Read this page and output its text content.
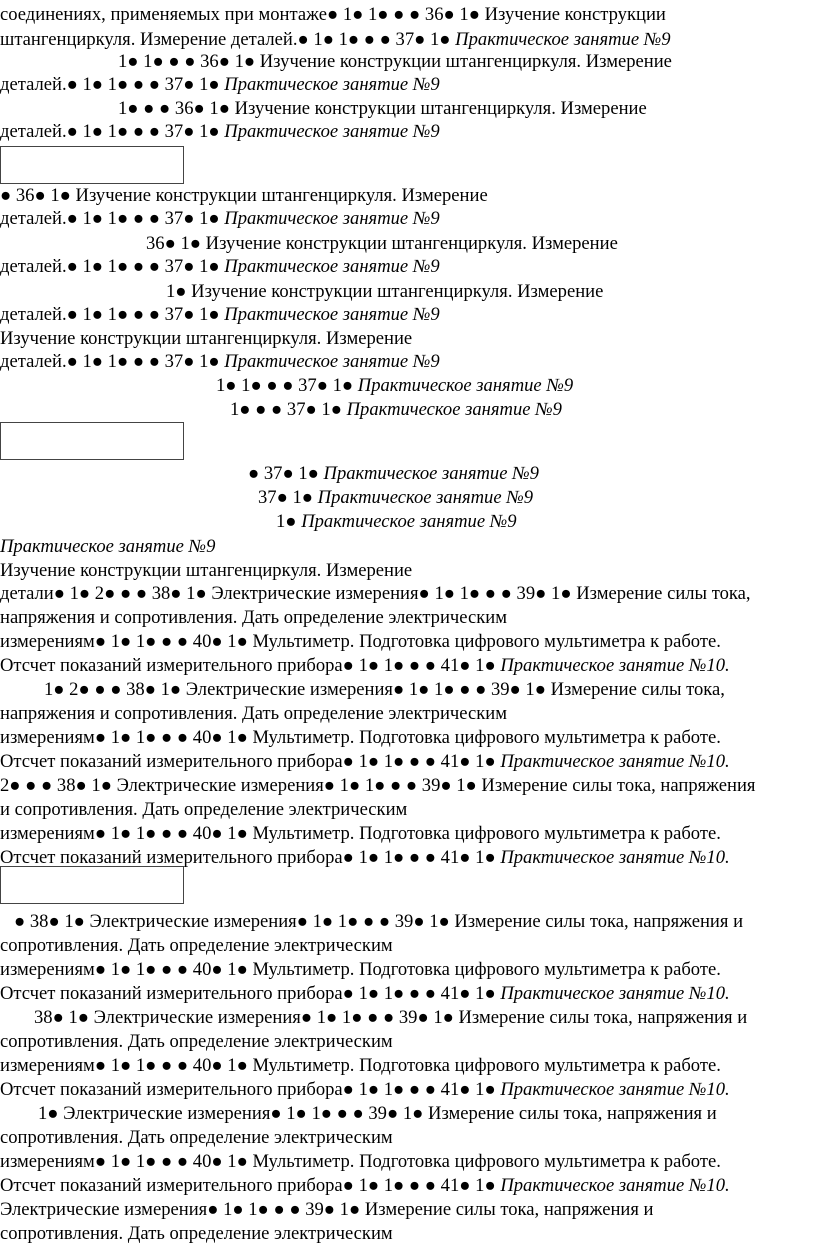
соединениях, применяемых при монтаже● 1● 1● ● ● 36● 1● Изучение конструкции
штангенциркуля. Измерение деталей.● 1● 1● ● ● 37● 1● Практическое занятие №9
1● 1● ● ● 36● 1● Изучение конструкции штангенциркуля. Измерение
деталей.● 1● 1● ● ● 37● 1● Практическое занятие №9
1● ● ● 36● 1● Изучение конструкции штангенциркуля. Измерение
деталей.● 1● 1● ● ● 37● 1● Практическое занятие №9
● 36● 1● Изучение конструкции штангенциркуля. Измерение
деталей.● 1● 1● ● ● 37● 1● Практическое занятие №9
36● 1● Изучение конструкции штангенциркуля. Измерение
деталей.● 1● 1● ● ● 37● 1● Практическое занятие №9
1● Изучение конструкции штангенциркуля. Измерение
деталей.● 1● 1● ● ● 37● 1● Практическое занятие №9
Изучение конструкции штангенциркуля. Измерение
деталей.● 1● 1● ● ● 37● 1● Практическое занятие №9
1● 1● ● ● 37● 1● Практическое занятие №9
1● ● ● 37● 1● Практическое занятие №9
● 37● 1● Практическое занятие №9
37● 1● Практическое занятие №9
1● Практическое занятие №9
Практическое занятие №9
Изучение конструкции штангенциркуля. Измерение
детали● 1● 2● ● ● 38● 1● Электрические измерения● 1● 1● ● ● 39● 1● Измерение силы тока,
напряжения и сопротивления. Дать определение электрическим
измерениям● 1● 1● ● ● 40● 1● Мультиметр. Подготовка цифрового мультиметра к работе.
Отсчет показаний измерительного прибора● 1● 1● ● ● 41● 1● Практическое занятие №10.
1● 2● ● ● 38● 1● Электрические измерения● 1● 1● ● ● 39● 1● Измерение силы тока,
напряжения и сопротивления. Дать определение электрическим
измерениям● 1● 1● ● ● 40● 1● Мультиметр. Подготовка цифрового мультиметра к работе.
Отсчет показаний измерительного прибора● 1● 1● ● ● 41● 1● Практическое занятие №10.
2● ● ● 38● 1● Электрические измерения● 1● 1● ● ● 39● 1● Измерение силы тока, напряжения
и сопротивления. Дать определение электрическим
измерениям● 1● 1● ● ● 40● 1● Мультиметр. Подготовка цифрового мультиметра к работе.
Отсчет показаний измерительного прибора● 1● 1● ● ● 41● 1● Практическое занятие №10.
● 38● 1● Электрические измерения● 1● 1● ● ● 39● 1● Измерение силы тока, напряжения и
сопротивления. Дать определение электрическим
измерениям● 1● 1● ● ● 40● 1● Мультиметр. Подготовка цифрового мультиметра к работе.
Отсчет показаний измерительного прибора● 1● 1● ● ● 41● 1● Практическое занятие №10.
38● 1● Электрические измерения● 1● 1● ● ● 39● 1● Измерение силы тока, напряжения и
сопротивления. Дать определение электрическим
измерениям● 1● 1● ● ● 40● 1● Мультиметр. Подготовка цифрового мультиметра к работе.
Отсчет показаний измерительного прибора● 1● 1● ● ● 41● 1● Практическое занятие №10.
1● Электрические измерения● 1● 1● ● ● 39● 1● Измерение силы тока, напряжения и
сопротивления. Дать определение электрическим
измерениям● 1● 1● ● ● 40● 1● Мультиметр. Подготовка цифрового мультиметра к работе.
Отсчет показаний измерительного прибора● 1● 1● ● ● 41● 1● Практическое занятие №10.
Электрические измерения● 1● 1● ● ● 39● 1● Измерение силы тока, напряжения и
сопротивления. Дать определение электрическим
